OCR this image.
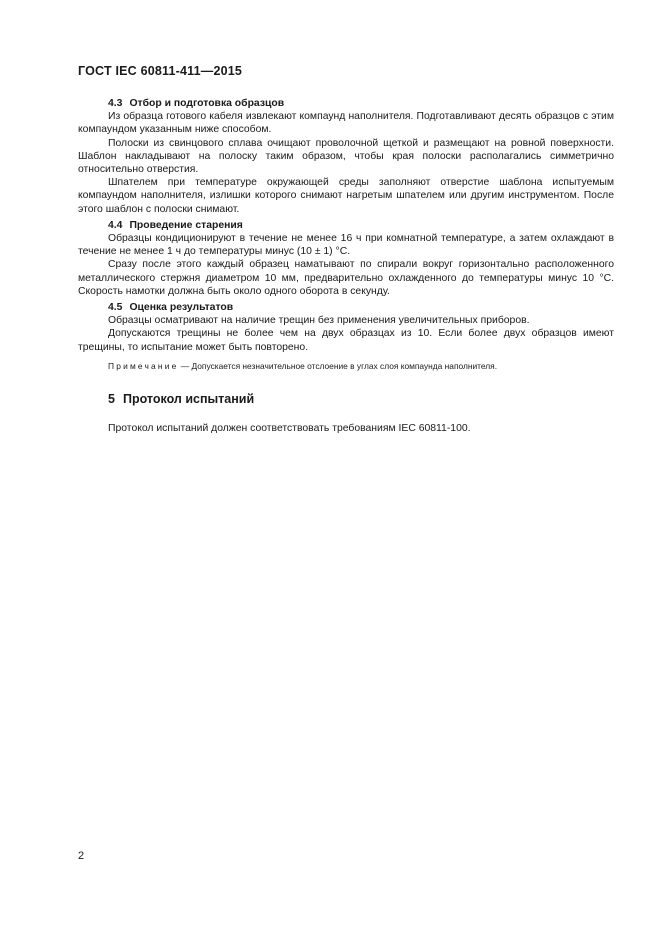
ГОСТ IEC 60811-411—2015
4.3 Отбор и подготовка образцов
Из образца готового кабеля извлекают компаунд наполнителя. Подготавливают десять образцов с этим компаундом указанным ниже способом.
Полоски из свинцового сплава очищают проволочной щеткой и размещают на ровной поверхности. Шаблон накладывают на полоску таким образом, чтобы края полоски располагались симметрично относительно отверстия.
Шпателем при температуре окружающей среды заполняют отверстие шаблона испытуемым компаундом наполнителя, излишки которого снимают нагретым шпателем или другим инструментом. После этого шаблон с полоски снимают.
4.4 Проведение старения
Образцы кондиционируют в течение не менее 16 ч при комнатной температуре, а затем охлаждают в течение не менее 1 ч до температуры минус (10 ± 1) °С.
Сразу после этого каждый образец наматывают по спирали вокруг горизонтально расположенного металлического стержня диаметром 10 мм, предварительно охлажденного до температуры минус 10 °С. Скорость намотки должна быть около одного оборота в секунду.
4.5 Оценка результатов
Образцы осматривают на наличие трещин без применения увеличительных приборов.
Допускаются трещины не более чем на двух образцах из 10. Если более двух образцов имеют трещины, то испытание может быть повторено.
Примечание — Допускается незначительное отслоение в углах слоя компаунда наполнителя.
5 Протокол испытаний
Протокол испытаний должен соответствовать требованиям IEC 60811-100.
2
